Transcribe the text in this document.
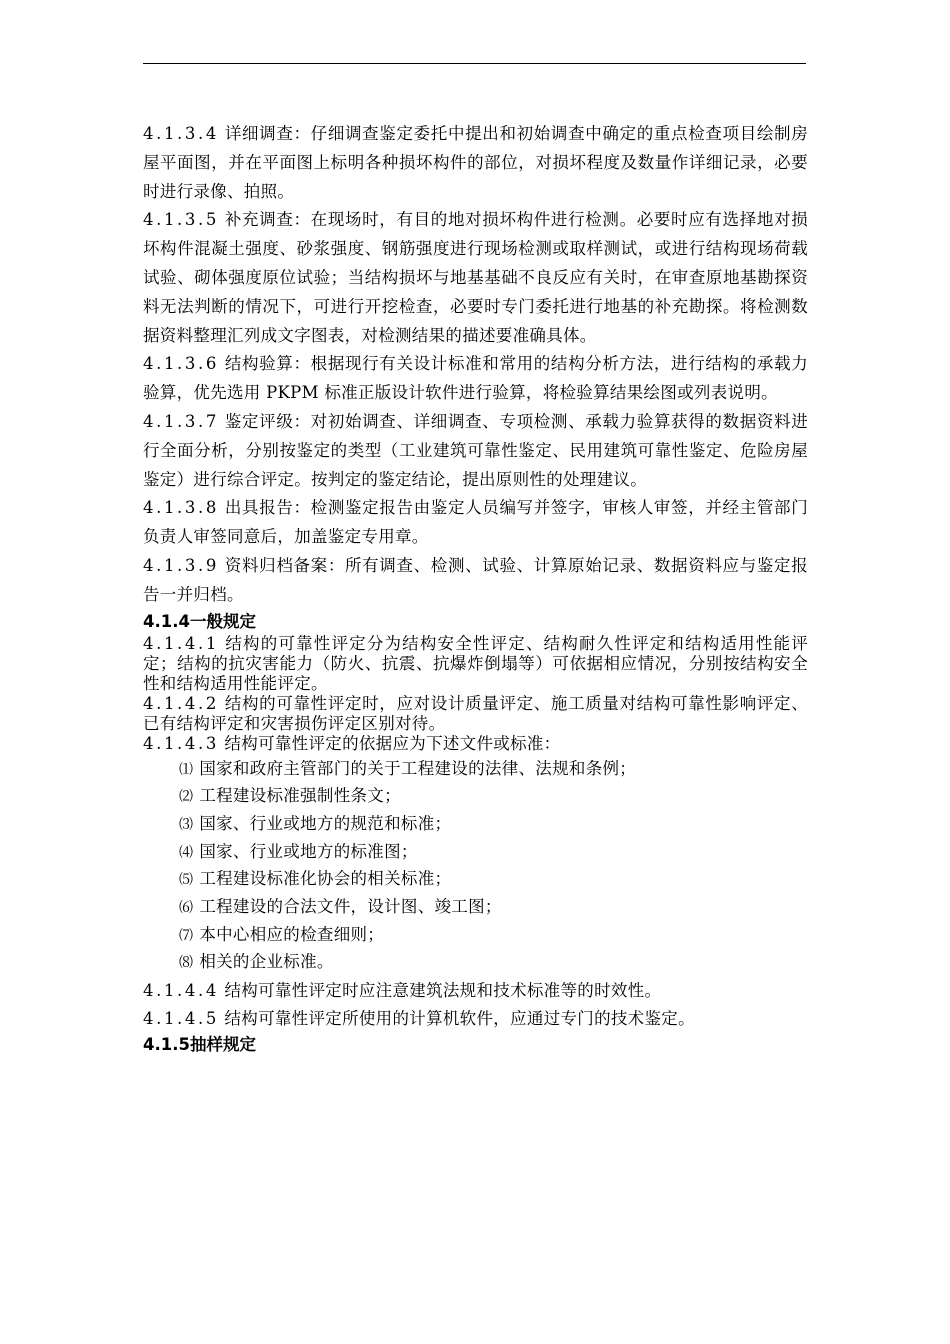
4.1.3.4 详细调查：仔细调查鉴定委托中提出和初始调查中确定的重点检查项目绘制房屋平面图，并在平面图上标明各种损坏构件的部位，对损坏程度及数量作详细记录，必要时进行录像、拍照。

4.1.3.5 补充调查：在现场时，有目的地对损坏构件进行检测。必要时应有选择地对损坏构件混凝土强度、砂浆强度、钢筋强度进行现场检测或取样测试，或进行结构现场荷载试验、砌体强度原位试验；当结构损坏与地基基础不良反应有关时，在审查原地基勘探资料无法判断的情况下，可进行开挖检查，必要时专门委托进行地基的补充勘探。将检测数据资料整理汇列成文字图表，对检测结果的描述要准确具体。

4.1.3.6 结构验算：根据现行有关设计标准和常用的结构分析方法，进行结构的承载力验算，优先选用 PKPM 标准正版设计软件进行验算，将检验算结果绘图或列表说明。

4.1.3.7 鉴定评级：对初始调查、详细调查、专项检测、承载力验算获得的数据资料进行全面分析，分别按鉴定的类型（工业建筑可靠性鉴定、民用建筑可靠性鉴定、危险房屋鉴定）进行综合评定。按判定的鉴定结论，提出原则性的处理建议。

4.1.3.8 出具报告：检测鉴定报告由鉴定人员编写并签字，审核人审签，并经主管部门负责人审签同意后，加盖鉴定专用章。

4.1.3.9 资料归档备案：所有调查、检测、试验、计算原始记录、数据资料应与鉴定报告一并归档。

4.1.4一般规定

4.1.4.1 结构的可靠性评定分为结构安全性评定、结构耐久性评定和结构适用性能评定；结构的抗灾害能力（防火、抗震、抗爆炸倒塌等）可依据相应情况，分别按结构安全性和结构适用性能评定。

4.1.4.2 结构的可靠性评定时，应对设计质量评定、施工质量对结构可靠性影响评定、已有结构评定和灾害损伤评定区别对待。

4.1.4.3 结构可靠性评定的依据应为下述文件或标准：

⑴ 国家和政府主管部门的关于工程建设的法律、法规和条例；

⑵ 工程建设标准强制性条文；

⑶ 国家、行业或地方的规范和标准；

⑷ 国家、行业或地方的标准图；

⑸ 工程建设标准化协会的相关标准；

⑹ 工程建设的合法文件，设计图、竣工图；

⑺ 本中心相应的检查细则；

⑻ 相关的企业标准。

4.1.4.4 结构可靠性评定时应注意建筑法规和技术标准等的时效性。

4.1.4.5 结构可靠性评定所使用的计算机软件，应通过专门的技术鉴定。

4.1.5抽样规定
